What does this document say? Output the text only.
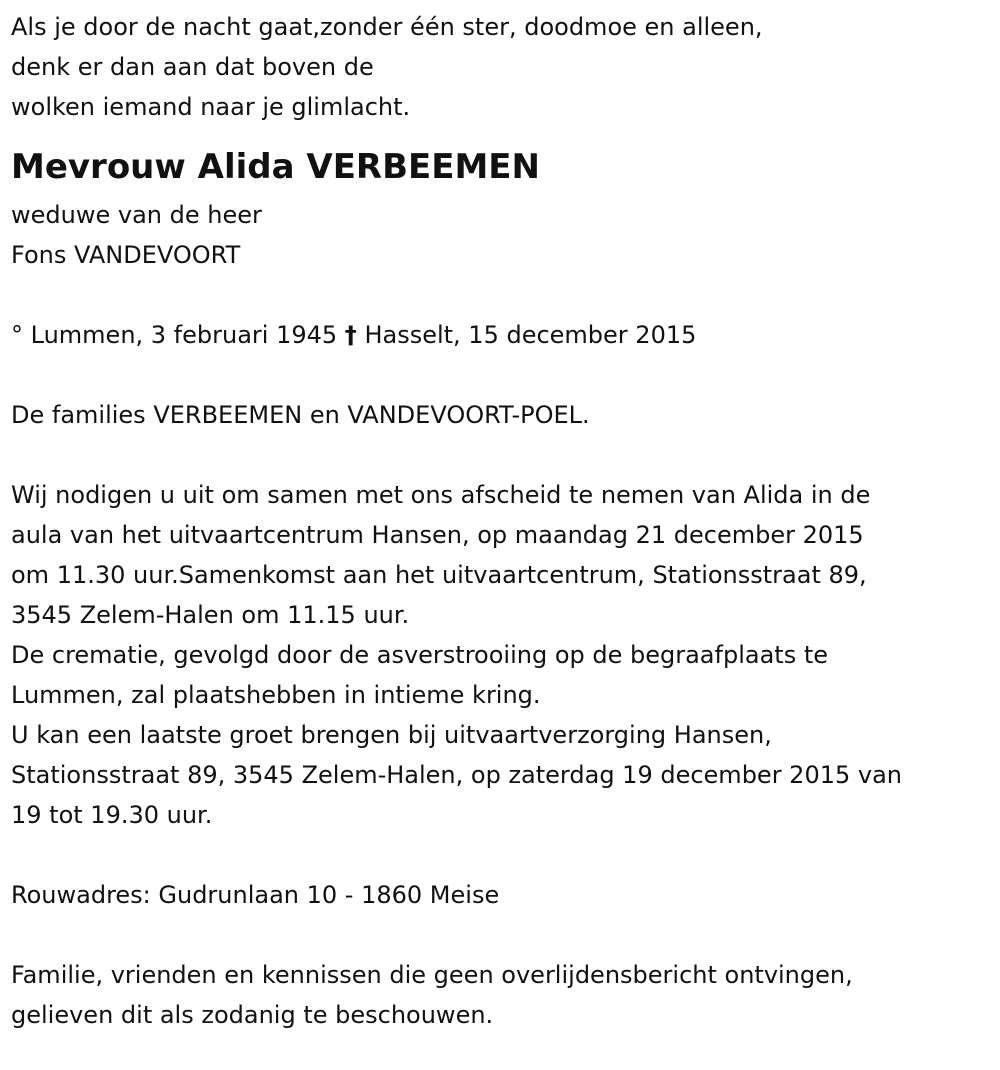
Als je door de nacht gaat,zonder één ster, doodmoe en alleen,
denk er dan aan dat boven de
wolken iemand naar je glimlacht.
Mevrouw Alida VERBEEMEN
weduwe van de heer
Fons VANDEVOORT
° Lummen, 3 februari 1945 † Hasselt, 15 december 2015
De families VERBEEMEN en VANDEVOORT-POEL.
Wij nodigen u uit om samen met ons afscheid te nemen van Alida in de
aula van het uitvaartcentrum Hansen, op maandag 21 december 2015
om 11.30 uur.Samenkomst aan het uitvaartcentrum, Stationsstraat 89,
3545 Zelem-Halen om 11.15 uur.
De crematie, gevolgd door de asverstrooiing op de begraafplaats te
Lummen, zal plaatshebben in intieme kring.
U kan een laatste groet brengen bij uitvaartverzorging Hansen,
Stationsstraat 89, 3545 Zelem-Halen, op zaterdag 19 december 2015 van
19 tot 19.30 uur.
Rouwadres: Gudrunlaan 10 - 1860 Meise
Familie, vrienden en kennissen die geen overlijdensbericht ontvingen,
gelieven dit als zodanig te beschouwen.
